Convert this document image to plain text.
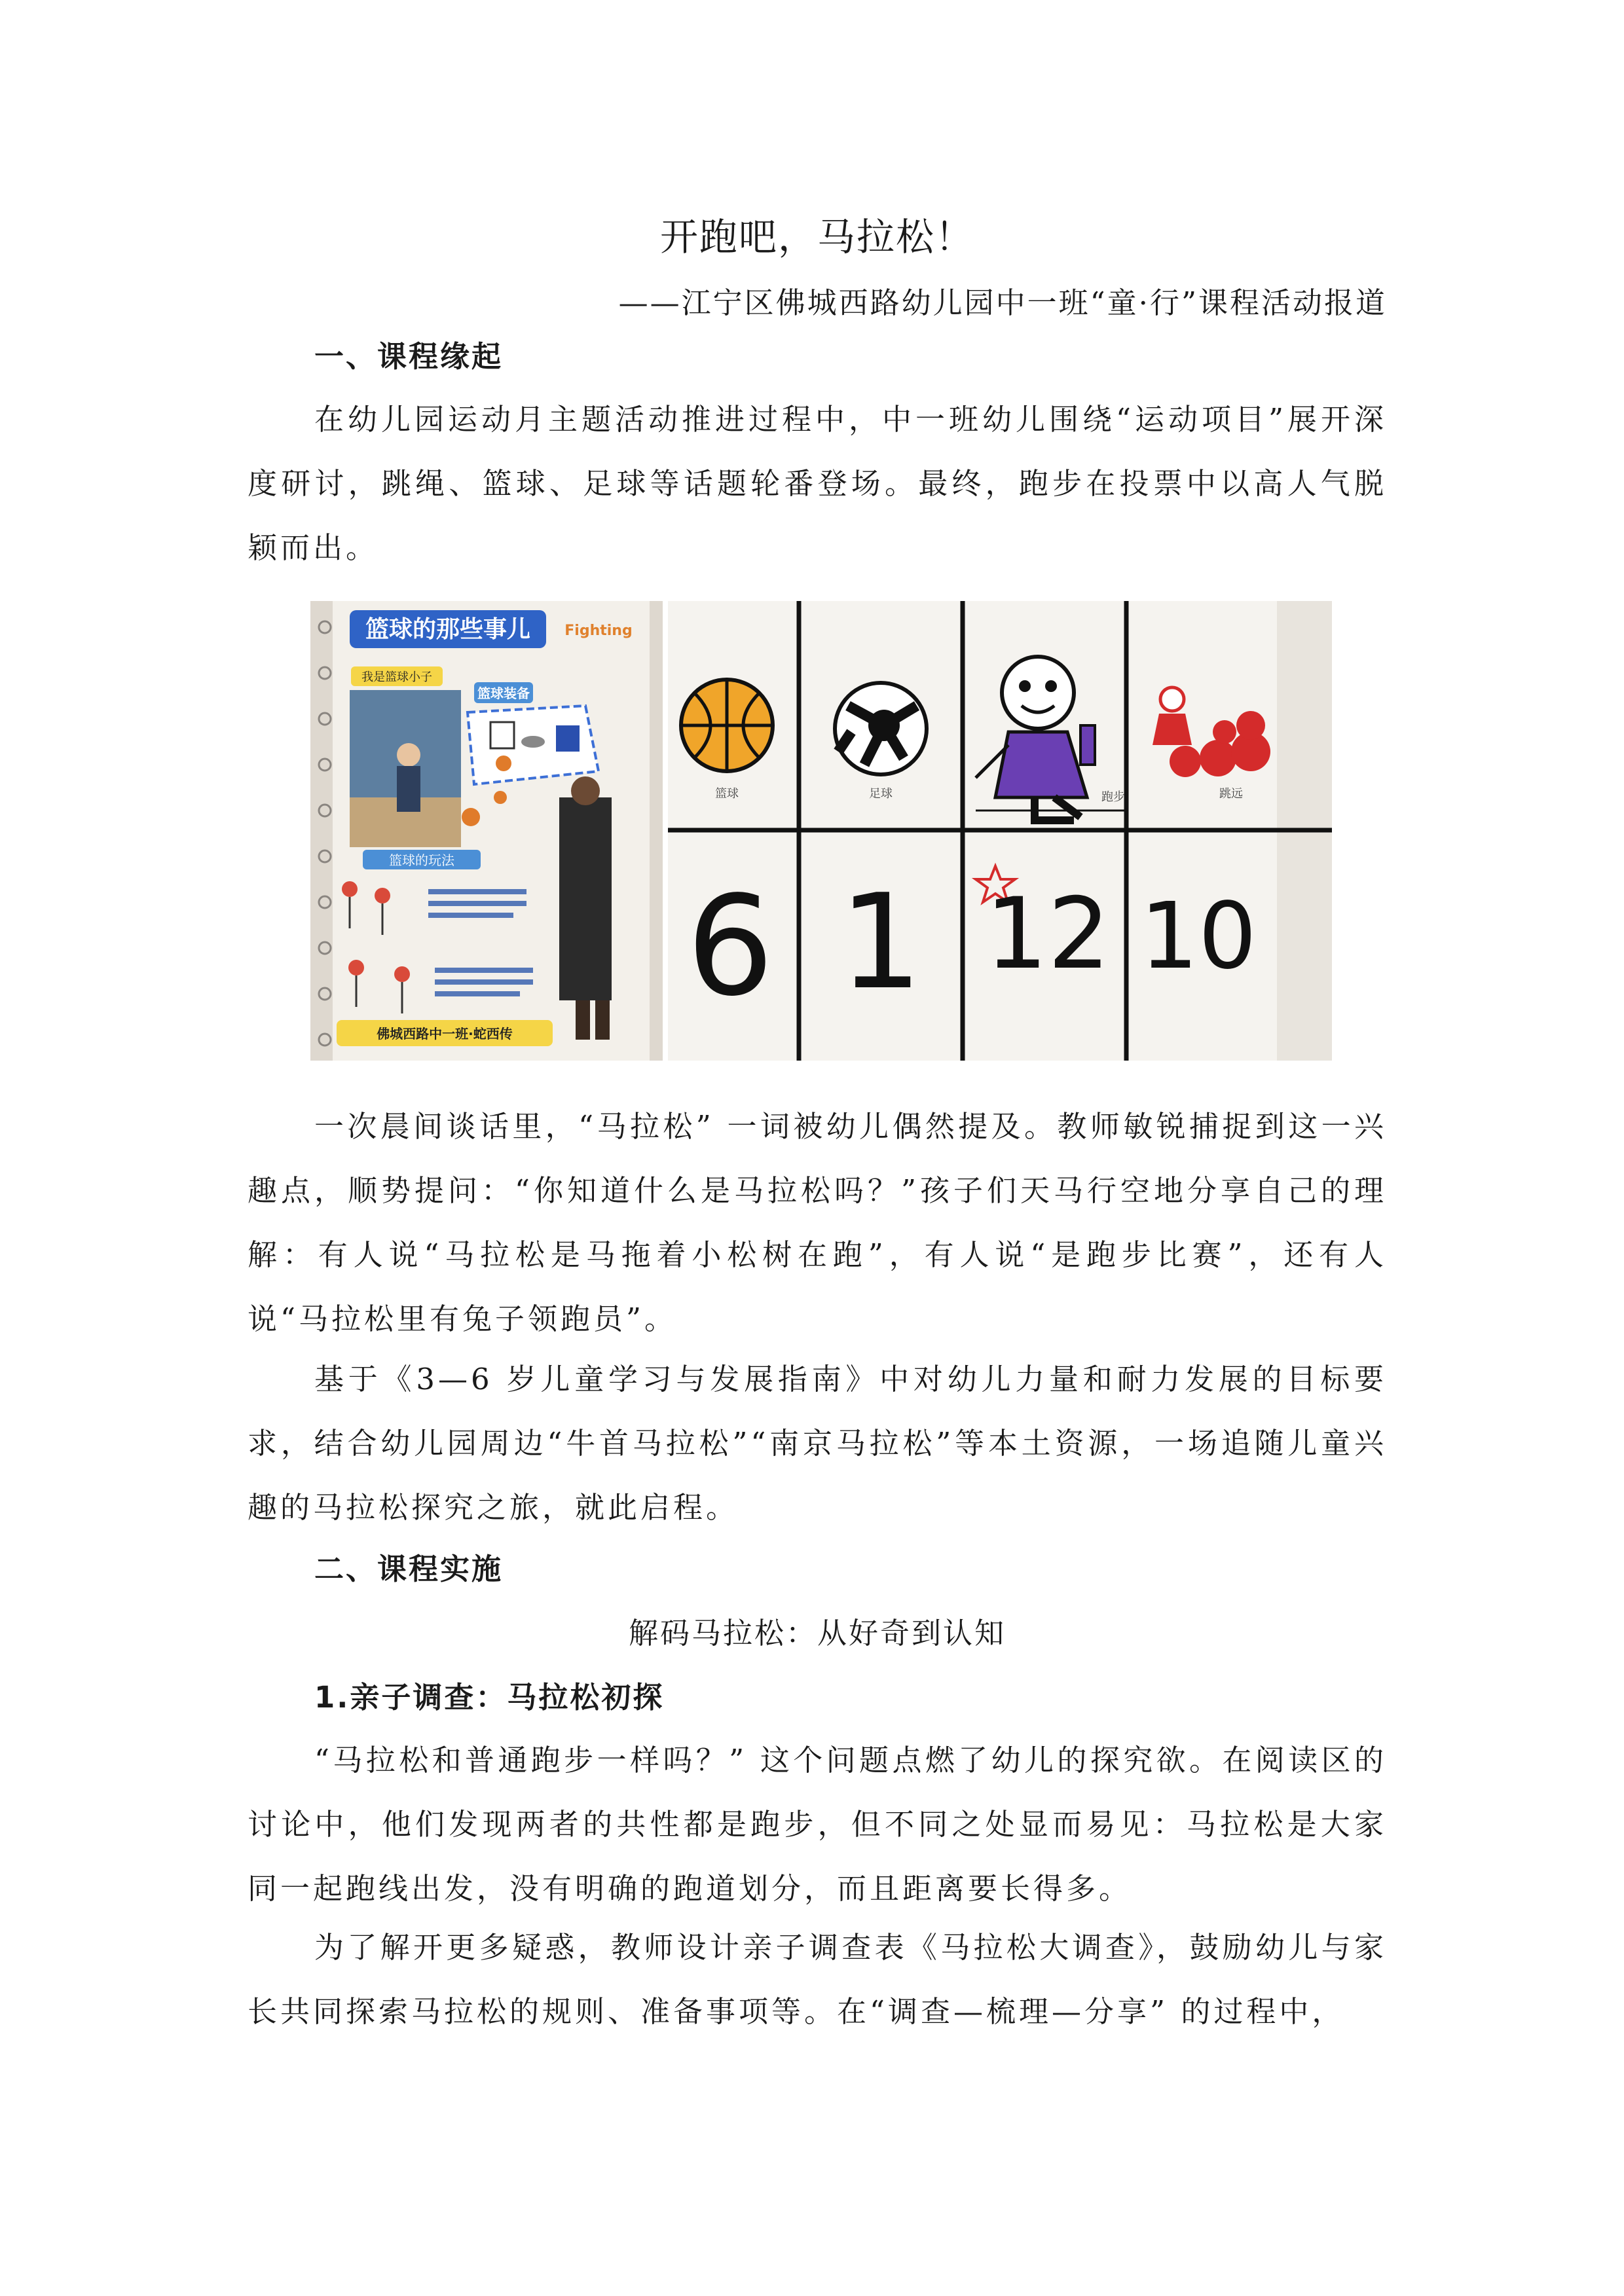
开跑吧，马拉松！
——江宁区佛城西路幼儿园中一班“童·行”课程活动报道
一、课程缘起
在幼儿园运动月主题活动推进过程中，中一班幼儿围绕“运动项目”展开深度研讨，跳绳、篮球、足球等话题轮番登场。最终，跑步在投票中以高人气脱颖而出。
篮球的那些事儿 Fighting
我是篮球小子
篮球装备
篮球的玩法
佛城西路中一班·蛇西传
篮球	足球	跑步	跳远
6 1 12 10
一次晨间谈话里，“马拉松” 一词被幼儿偶然提及。教师敏锐捕捉到这一兴趣点，顺势提问：“你知道什么是马拉松吗？”孩子们天马行空地分享自己的理解：有人说“马拉松是马拖着小松树在跑”，有人说“是跑步比赛”，还有人说“马拉松里有兔子领跑员”。
基于《3—6 岁儿童学习与发展指南》中对幼儿力量和耐力发展的目标要求，结合幼儿园周边“牛首马拉松”“南京马拉松”等本土资源，一场追随儿童兴趣的马拉松探究之旅，就此启程。
二、课程实施
解码马拉松：从好奇到认知
1.亲子调查：马拉松初探
“马拉松和普通跑步一样吗？” 这个问题点燃了幼儿的探究欲。在阅读区的讨论中，他们发现两者的共性都是跑步，但不同之处显而易见：马拉松是大家同一起跑线出发，没有明确的跑道划分，而且距离要长得多。
为了解开更多疑惑，教师设计亲子调查表《马拉松大调查》，鼓励幼儿与家长共同探索马拉松的规则、准备事项等。在“调查—梳理—分享” 的过程中，
